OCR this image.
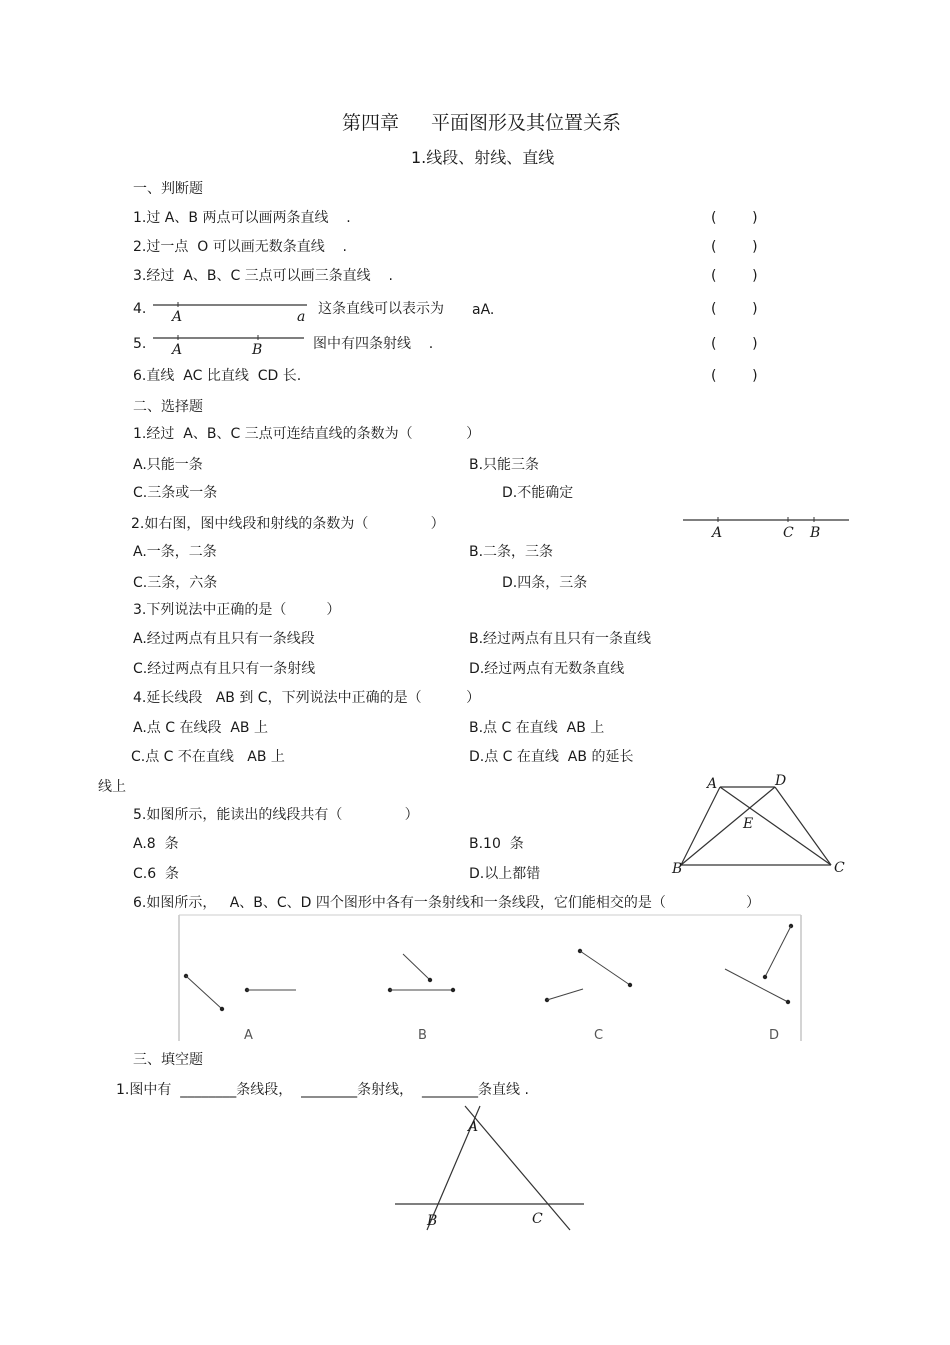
第四章 平面图形及其位置关系
1.线段、射线、直线
一、判断题
1.过 A、B 两点可以画两条直线    .	(        )
2.过一点  O 可以画无数条直线    .	(        )
3.经过  A、B、C 三点可以画三条直线    .	(        )
4. A	a 这条直线可以表示为 aA.	(        )
5. A	B	图中有四条射线    .	(        )
6.直线  AC 比直线  CD 长.	(        )
二、选择题
1.经过  A、B、C 三点可连结直线的条数为（            ）
A.只能一条	B.只能三条
C.三条或一条	D.不能确定
2.如右图，图中线段和射线的条数为（              ）
A	C B
A.一条，二条	B.二条，三条
C.三条，六条	D.四条，三条
3.下列说法中正确的是（         ）
A.经过两点有且只有一条线段	B.经过两点有且只有一条直线
C.经过两点有且只有一条射线	D.经过两点有无数条直线
4.延长线段   AB 到 C，下列说法中正确的是（          ）
A.点 C 在线段  AB 上	B.点 C 在直线  AB 上
C.点 C 不在直线   AB 上	D.点 C 在直线  AB 的延长
线上	A	D
E
B	C
5.如图所示，能读出的线段共有（              ）
A.8  条	B.10  条
C.6  条	D.以上都错
6.如图所示，   A、B、C、D 四个图形中各有一条射线和一条线段，它们能相交的是（                  ）
A	B	C	D
三、填空题
1.图中有  ________条线段，  ________条射线，  ________条直线 .
A
B	C
